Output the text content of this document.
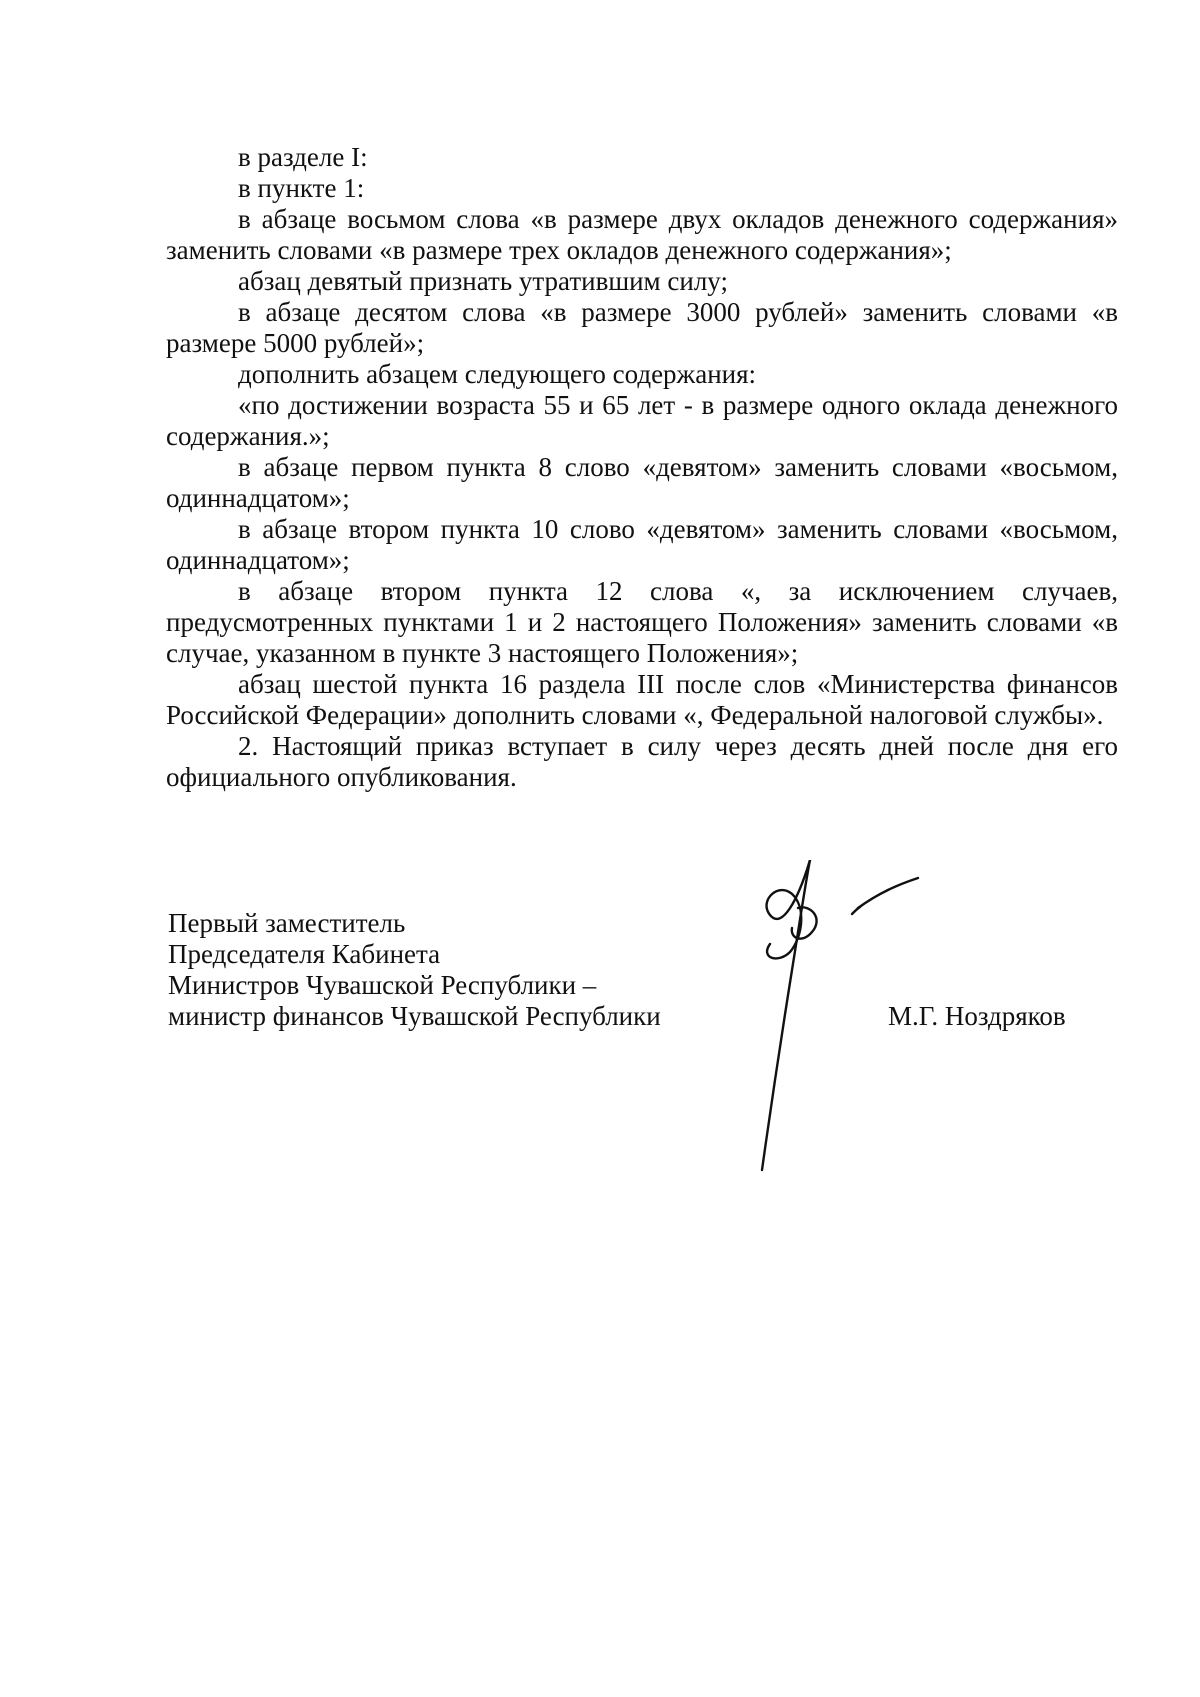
в разделе I:

в пункте 1:

в абзаце восьмом слова «в размере двух окладов денежного содержания» заменить словами «в размере трех окладов денежного содержания»;

абзац девятый признать утратившим силу;

в абзаце десятом слова «в размере 3000 рублей» заменить словами «в размере 5000 рублей»;

дополнить абзацем следующего содержания:

«по достижении возраста 55 и 65 лет - в размере одного оклада денежного содержания.»;

в абзаце первом пункта 8 слово «девятом» заменить словами «восьмом, одиннадцатом»;

в абзаце втором пункта 10 слово «девятом» заменить словами «восьмом, одиннадцатом»;

в абзаце втором пункта 12 слова «, за исключением случаев, предусмотренных пунктами 1 и 2 настоящего Положения» заменить словами «в случае, указанном в пункте 3 настоящего Положения»;

абзац шестой пункта 16 раздела III после слов «Министерства финансов Российской Федерации» дополнить словами «, Федеральной налоговой службы».

2. Настоящий приказ вступает в силу через десять дней после дня его официального опубликования.

Первый заместитель
Председателя Кабинета
Министров Чувашской Республики –
министр финансов Чувашской Республики	М.Г. Ноздряков
